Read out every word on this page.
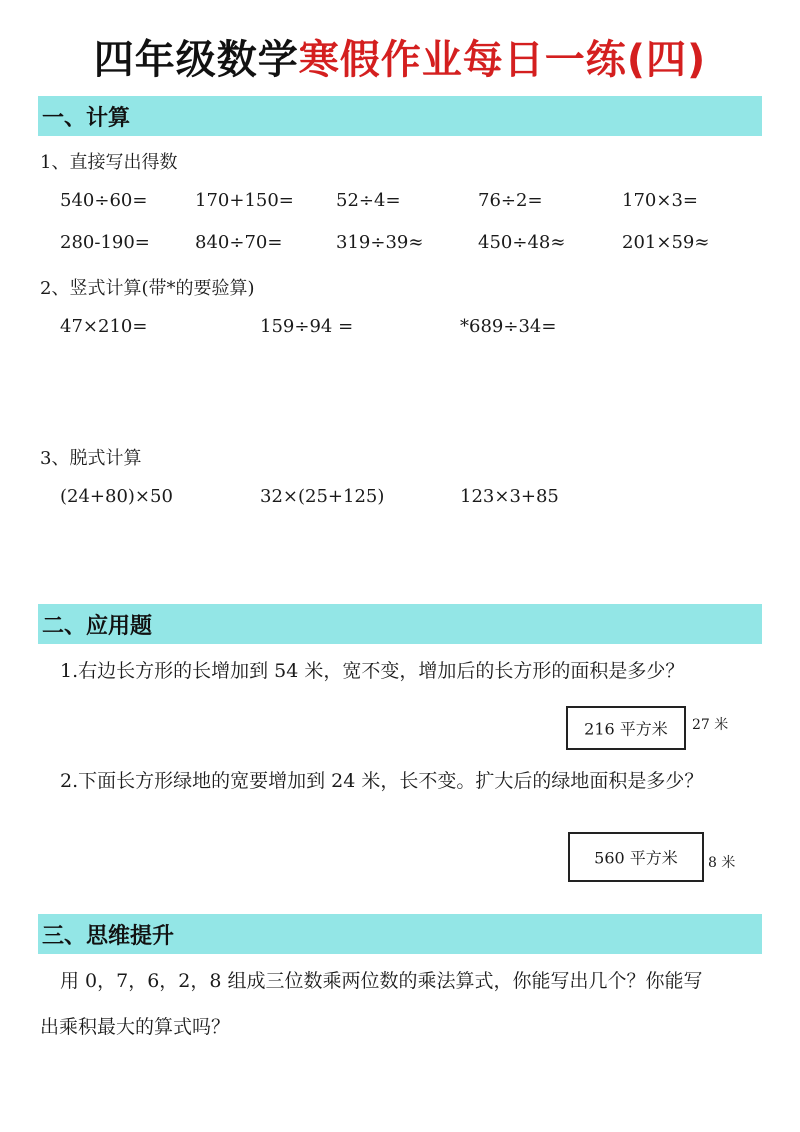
四年级数学寒假作业每日一练(四)
一、计算
1、直接写出得数
540÷60=	170+150= 52÷4=	76÷2=	170×3=
280-190=	840÷70=	319÷39≈	450÷48≈	201×59≈
2、竖式计算(带*的要验算)
47×210=	159÷94 =	*689÷34=
3、脱式计算
(24+80)×50	32×(25+125)	123×3+85
二、应用题
1.右边长方形的长增加到 54 米，宽不变，增加后的长方形的面积是多少？
216 平方米	27 米
2.下面长方形绿地的宽要增加到 24 米，长不变。扩大后的绿地面积是多少？
560 平方米	8 米
三、思维提升
用 0，7，6，2，8 组成三位数乘两位数的乘法算式，你能写出几个？你能写
出乘积最大的算式吗？
